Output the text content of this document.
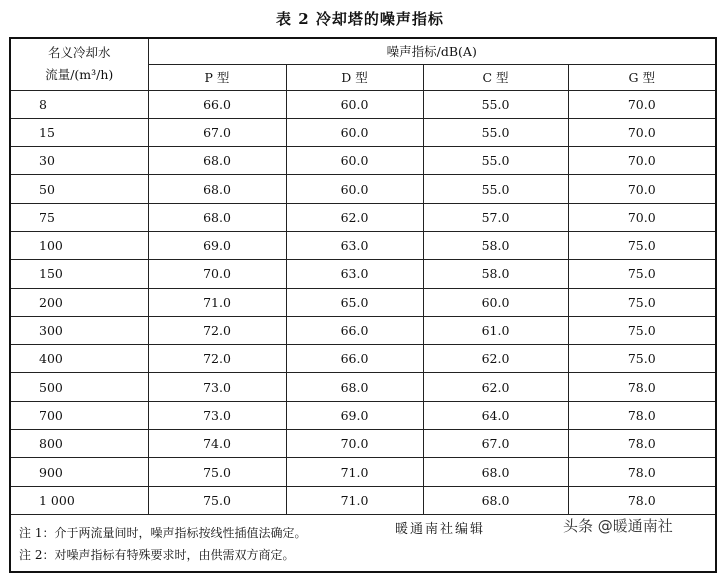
表 2 冷却塔的噪声指标
名义冷却水
流量/(m³/h)	噪声指标/dB(A)			
	P 型	D 型	C 型	G 型
8	66.0	60.0	55.0	70.0
15	67.0	60.0	55.0	70.0
30	68.0	60.0	55.0	70.0
50	68.0	60.0	55.0	70.0
75	68.0	62.0	57.0	70.0
100	69.0	63.0	58.0	75.0
150	70.0	63.0	58.0	75.0
200	71.0	65.0	60.0	75.0
300	72.0	66.0	61.0	75.0
400	72.0	66.0	62.0	75.0
500	73.0	68.0	62.0	78.0
700	73.0	69.0	64.0	78.0
800	74.0	70.0	67.0	78.0
900	75.0	71.0	68.0	78.0
1 000	75.0	71.0	68.0	78.0

注 1：介于两流量间时，噪声指标按线性插值法确定。
注 2：对噪声指标有特殊要求时，由供需双方商定。				
暖通南社编辑	头条 @暖通南社
